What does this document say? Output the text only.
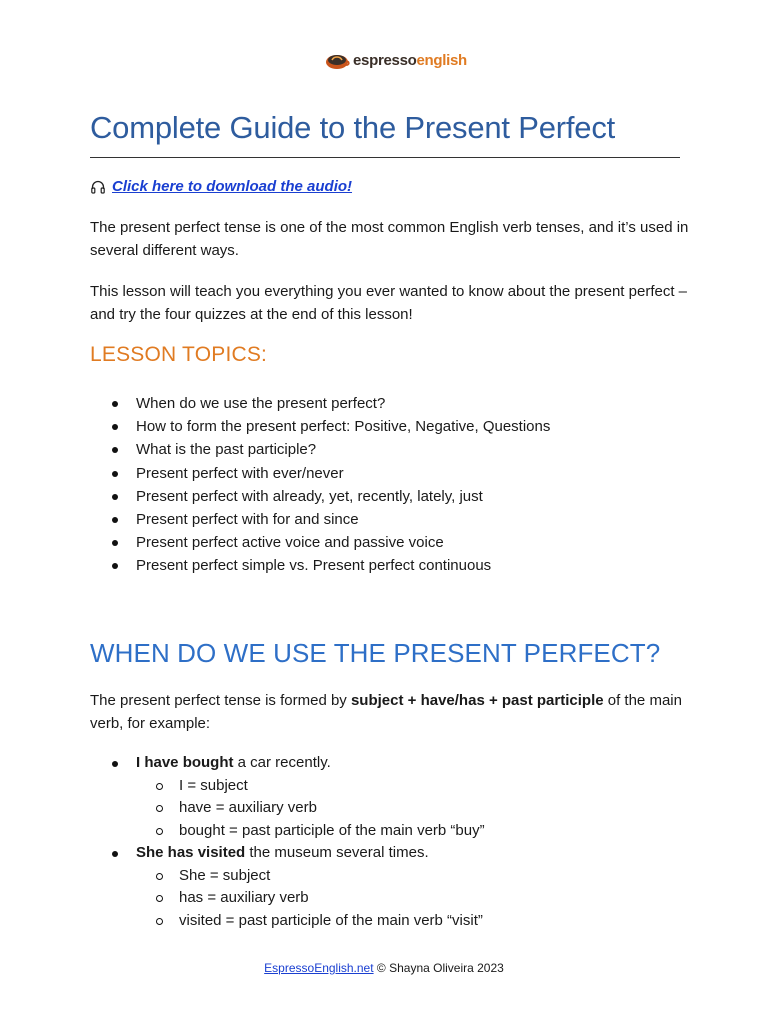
espressoenglish
Complete Guide to the Present Perfect
Click here to download the audio!

The present perfect tense is one of the most common English verb tenses, and it’s used in several different ways.

This lesson will teach you everything you ever wanted to know about the present perfect – and try the four quizzes at the end of this lesson!

LESSON TOPICS:
When do we use the present perfect?
How to form the present perfect: Positive, Negative, Questions
What is the past participle?
Present perfect with ever/never
Present perfect with already, yet, recently, lately, just
Present perfect with for and since
Present perfect active voice and passive voice
Present perfect simple vs. Present perfect continuous
WHEN DO WE USE THE PRESENT PERFECT?

The present perfect tense is formed by subject + have/has + past participle of the main verb, for example:

I have bought a car recently.
I = subject
have = auxiliary verb
bought = past participle of the main verb “buy”
She has visited the museum several times.
She = subject
has = auxiliary verb
visited = past participle of the main verb “visit”
EspressoEnglish.net © Shayna Oliveira 2023
